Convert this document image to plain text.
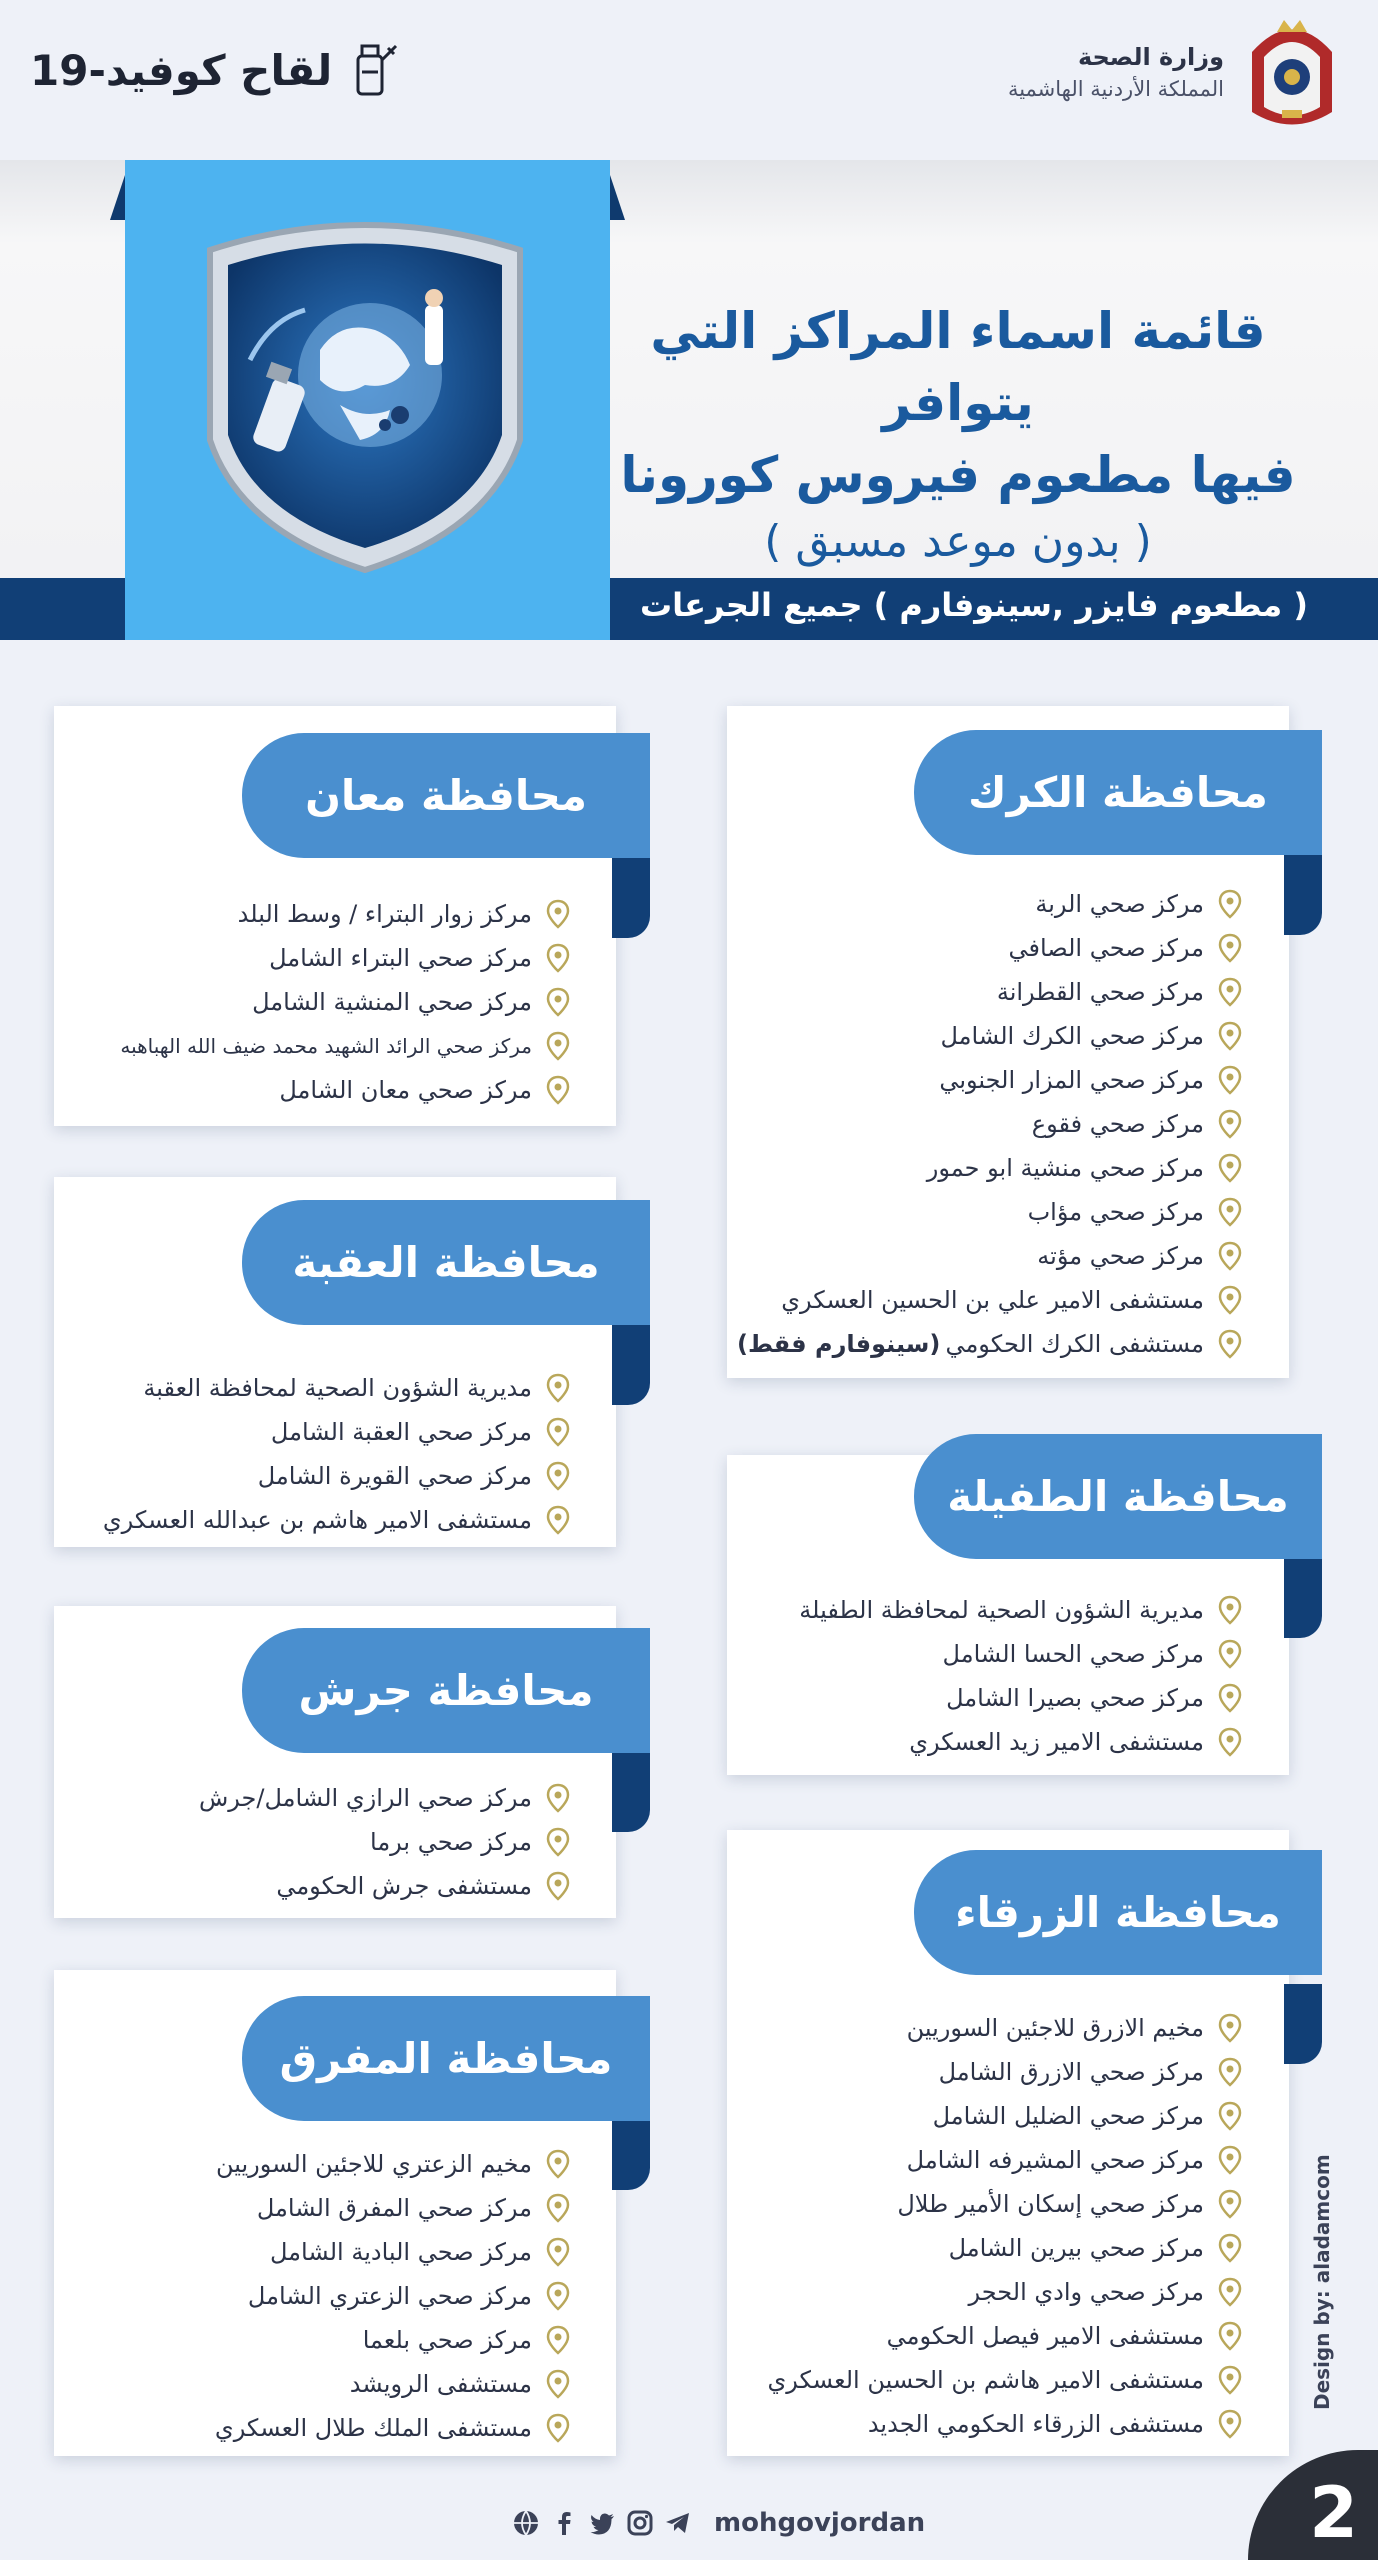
وزارة الصحة
المملكة الأردنية الهاشمية
لقاح كوفيد-19
( مطعوم فايزر ,سينوفارم ) جميع الجرعات
قائمة اسماء المراكز التي يتوافر
فيها مطعوم فيروس كورونا
( بدون موعد مسبق )
محافظة الكرك
مركز صحي الربة
مركز صحي الصافي
مركز صحي القطرانة
مركز صحي الكرك الشامل
مركز صحي المزار الجنوبي
مركز صحي فقوع
مركز صحي منشية ابو حمور
مركز صحي مؤاب
مركز صحي مؤته
مستشفى الامير علي بن الحسين العسكري
مستشفى الكرك الحكومي

(سينوفارم فقط)
محافظة معان
مركز زوار البتراء / وسط البلد
مركز صحي البتراء الشامل
مركز صحي المنشية الشامل
مركز صحي الرائد الشهيد محمد ضيف الله الهباهبه
مركز صحي معان الشامل
محافظة العقبة
مديرية الشؤون الصحية لمحافظة العقبة
مركز صحي العقبة الشامل
مركز صحي القويرة الشامل
مستشفى الامير هاشم بن عبدالله العسكري	محافظة الطفيلة
مديرية الشؤون الصحية لمحافظة الطفيلة
مركز صحي الحسا الشامل
مركز صحي بصيرا الشامل
مستشفى الامير زيد العسكري
محافظة جرش
مركز صحي الرازي الشامل/جرش
مركز صحي برما
مستشفى جرش الحكومي
محافظة الزرقاء
مخيم الازرق للاجئين السوريين
مركز صحي الازرق الشامل
مركز صحي الضليل الشامل
مركز صحي المشيرفه الشامل
مركز صحي إسكان الأمير طلال
مركز صحي بيرين الشامل
مركز صحي وادي الحجر
مستشفى الامير فيصل الحكومي
مستشفى الامير هاشم بن الحسين العسكري
مستشفى الزرقاء الحكومي الجديد
محافظة المفرق
مخيم الزعتري للاجئين السوريين
مركز صحي المفرق الشامل
مركز صحي البادية الشامل
مركز صحي الزعتري الشامل
مركز صحي بلعما
مستشفى الرويشد
مستشفى الملك طلال العسكري
Design by: aladamcom
mohgovjordan	2
